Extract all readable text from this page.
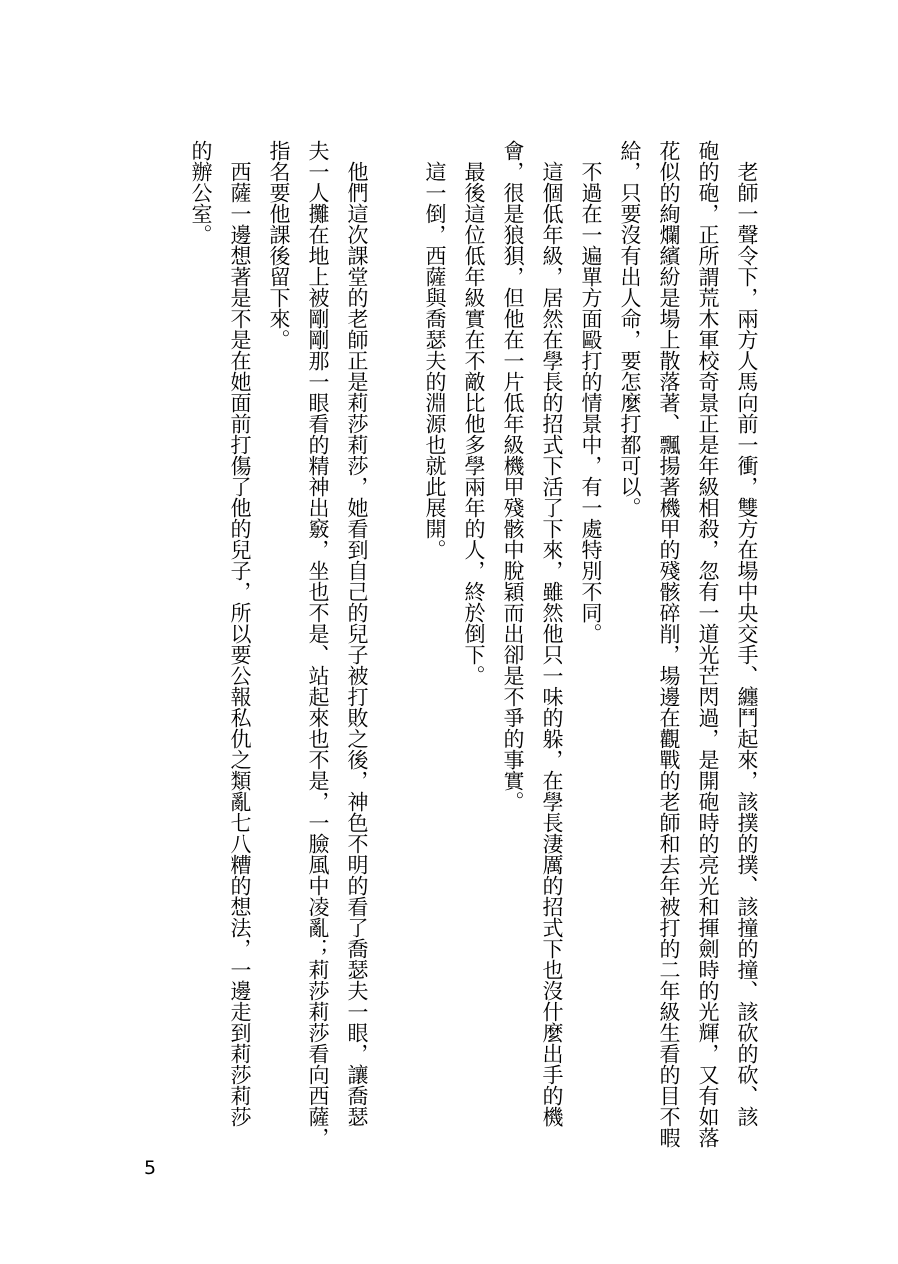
　老師一聲令下，兩方人馬向前一衝，雙方在場中央交手、纏鬥起來，該撲的撲、該撞的撞、該砍的砍、該
砲的砲，正所謂荒木軍校奇景正是年級相殺，忽有一道光芒閃過，是開砲時的亮光和揮劍時的光輝，又有如落
花似的絢爛繽紛是場上散落著、飄揚著機甲的殘骸碎削，場邊在觀戰的老師和去年被打的二年級生看的目不暇
給，只要沒有出人命，要怎麼打都可以。
　不過在一遍單方面毆打的情景中，有一處特別不同。
　這個低年級，居然在學長的招式下活了下來，雖然他只一味的躲，在學長淒厲的招式下也沒什麼出手的機
會，很是狼狽，但他在一片低年級機甲殘骸中脫穎而出卻是不爭的事實。
　最後這位低年級實在不敵比他多學兩年的人，終於倒下。
　這一倒，西薩與喬瑟夫的淵源也就此展開。
　他們這次課堂的老師正是莉莎莉莎，她看到自己的兒子被打敗之後，神色不明的看了喬瑟夫一眼，讓喬瑟
夫一人攤在地上被剛剛那一眼看的精神出竅，坐也不是、站起來也不是，一臉風中凌亂；莉莎莉莎看向西薩，
指名要他課後留下來。
　西薩一邊想著是不是在她面前打傷了他的兒子，所以要公報私仇之類亂七八糟的想法，一邊走到莉莎莉莎
的辦公室。
5
